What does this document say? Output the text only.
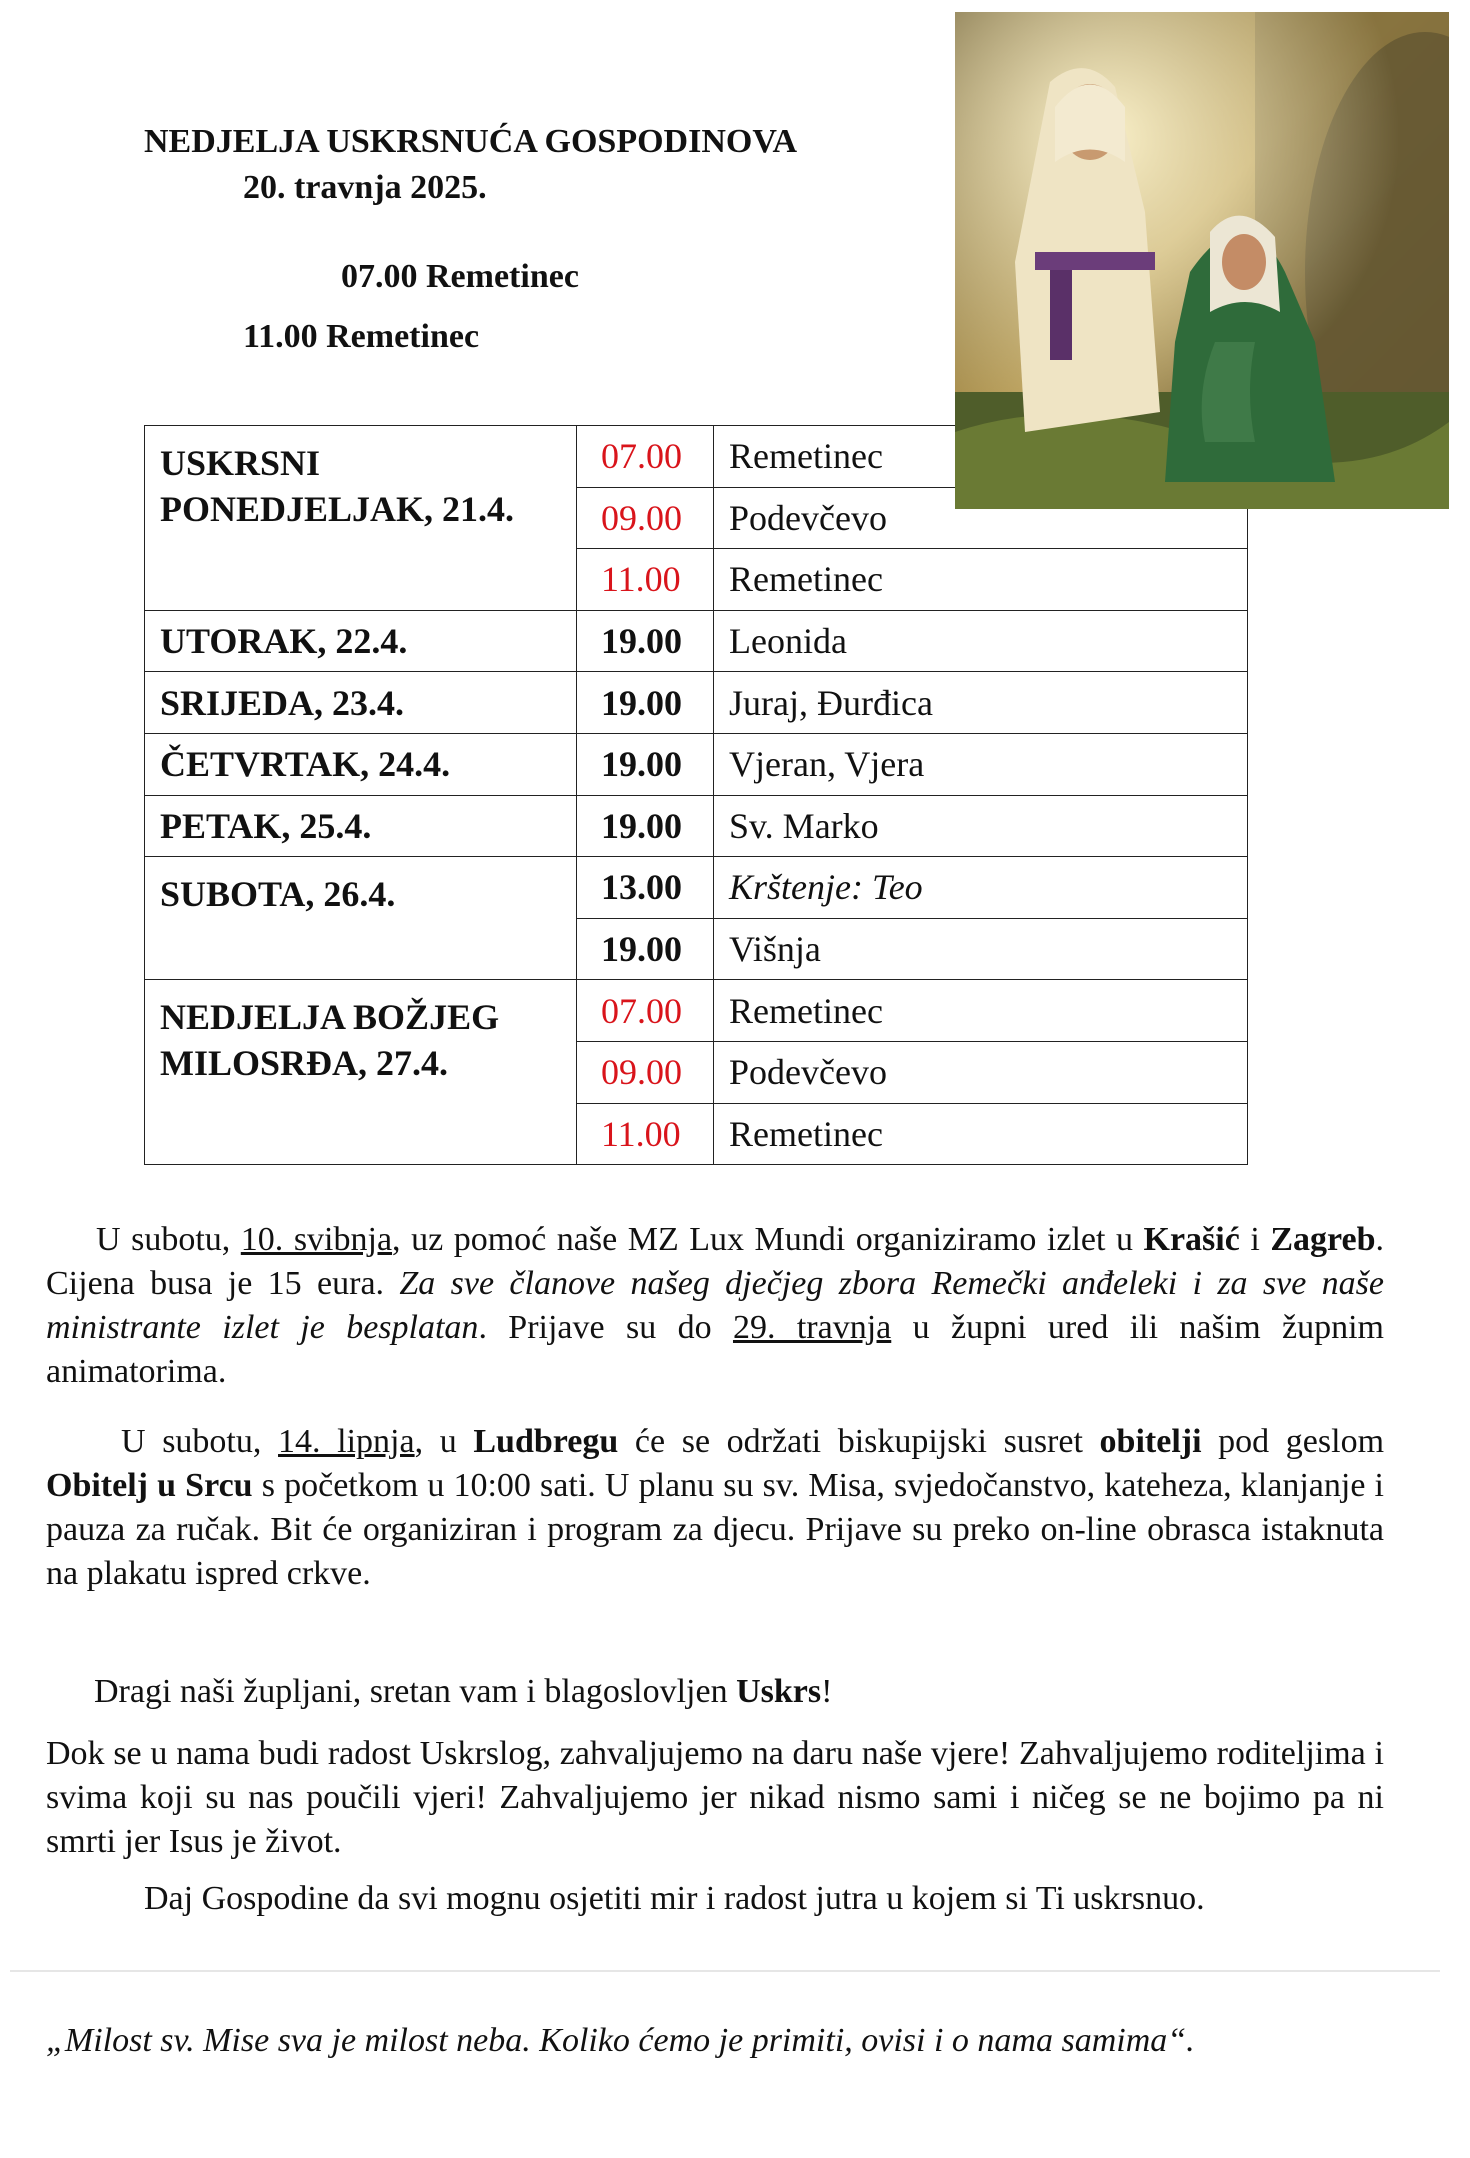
NEDJELJA USKRSNUĆA GOSPODINOVA
20. travnja 2025.
07.00 Remetinec
11.00 Remetinec
USKRSNI PONEDJELJAK, 21.4.	07.00	Remetinec
	09.00	Podevčevo
	11.00	Remetinec
UTORAK, 22.4.	19.00	Leonida
SRIJEDA, 23.4.	19.00	Juraj, Đurđica
ČETVRTAK, 24.4.	19.00	Vjeran, Vjera
PETAK, 25.4.	19.00	Sv. Marko
SUBOTA, 26.4.	13.00	Krštenje: Teo
	19.00	Višnja
NEDJELJA BOŽJEG MILOSRĐA, 27.4.	07.00	Remetinec
	09.00	Podevčevo
	11.00	Remetinec
U subotu, 10. svibnja, uz pomoć naše MZ Lux Mundi organiziramo izlet u Krašić i Zagreb. Cijena busa je 15 eura. Za sve članove našeg dječjeg zbora Remečki anđeleki i za sve naše ministrante izlet je besplatan. Prijave su do 29. travnja u župni ured ili našim župnim animatorima.
U subotu, 14. lipnja, u Ludbregu će se održati biskupijski susret obitelji pod geslom Obitelj u Srcu s početkom u 10:00 sati. U planu su sv. Misa, svjedočanstvo, kateheza, klanjanje i pauza za ručak. Bit će organiziran i program za djecu. Prijave su preko on-line obrasca istaknuta na plakatu ispred crkve.
Dragi naši župljani, sretan vam i blagoslovljen Uskrs!
Dok se u nama budi radost Uskrslog, zahvaljujemo na daru naše vjere! Zahvaljujemo roditeljima i svima koji su nas poučili vjeri! Zahvaljujemo jer nikad nismo sami i ničeg se ne bojimo pa ni smrti jer Isus je život.
Daj Gospodine da svi mognu osjetiti mir i radost jutra u kojem si Ti uskrsnuo.
„Milost sv. Mise sva je milost neba. Koliko ćemo je primiti, ovisi i o nama samima“.
